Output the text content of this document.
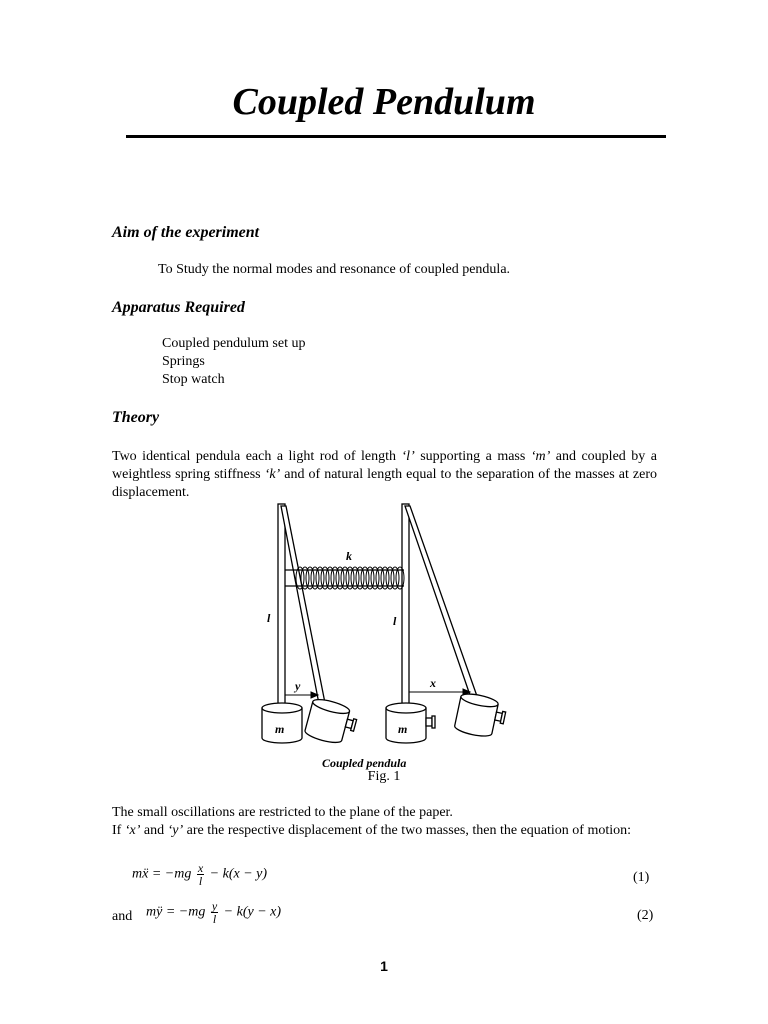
Coupled Pendulum
Aim of the experiment

To Study the normal modes and resonance of coupled pendula.

Apparatus Required
Coupled pendulum set up
Springs
Stop watch
Theory

Two identical pendula each a light rod of length ‘l’ supporting a mass ‘m’ and coupled by a weightless spring stiffness ‘k’ and of natural length equal to the separation of the masses at zero displacement.

k
l	l
y	x
m	m
Coupled pendula

Fig. 1

The small oscillations are restricted to the plane of the paper.
If ‘x’ and ‘y’ are the respective displacement of the two masses, then the equation of motion:
mẍ = $-mg \frac{x}{l} - k(x - y)$	(1)
and mÿ = $-mg \frac{y}{l} - k(y - x)$	(2)
1
